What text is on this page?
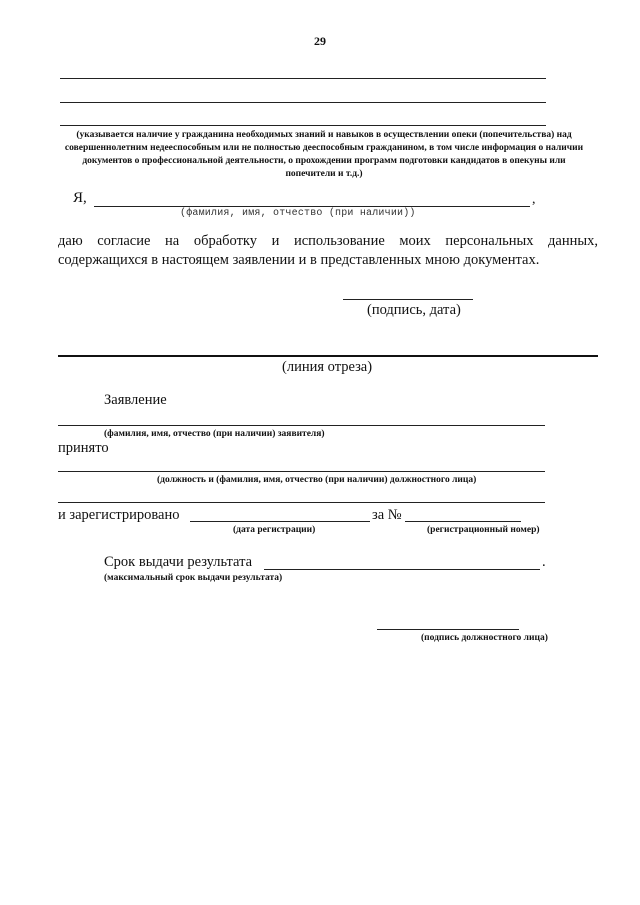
29
(указывается наличие у гражданина необходимых знаний и навыков в осуществлении опеки (попечительства) над совершеннолетним недееспособным или не полностью дееспособным гражданином, в том числе информация о наличии документов о профессиональной деятельности, о прохождении программ подготовки кандидатов в опекуны или попечители и т.д.)
Я,	,
(фамилия, имя, отчество (при наличии))
даю согласие на обработку и использование моих персональных данных, содержащихся в настоящем заявлении и в представленных мною документах.
(подпись, дата)
(линия отреза)
Заявление
(фамилия, имя, отчество (при наличии) заявителя)
принято
(должность и (фамилия, имя, отчество (при наличии) должностного лица)
и зарегистрировано	за №
(дата регистрации)	(регистрационный номер)
Срок выдачи результата	.
(максимальный срок выдачи результата)
(подпись должностного лица)
